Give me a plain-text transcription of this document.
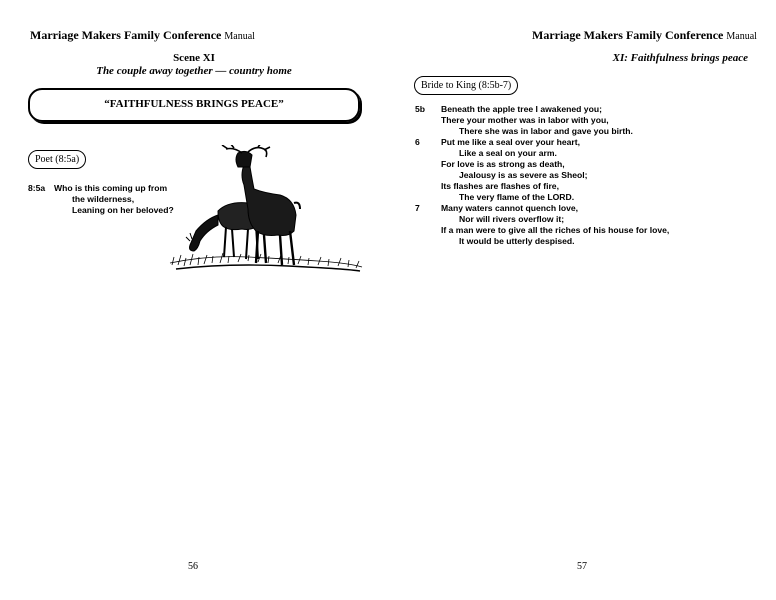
Marriage Makers Family Conference Manual
Scene XI
The couple away together — country home
“FAITHFULNESS BRINGS PEACE”
Poet (8:5a)
8:5a	Who is this coming up from
the wilderness,
Leaning on her beloved?
56
Marriage Makers Family Conference Manual
XI: Faithfulness brings peace
Bride to King (8:5b-7)
5b	Beneath the apple tree I awakened you;
There your mother was in labor with you,
There she was in labor and gave you birth.
6	Put me like a seal over your heart,
Like a seal on your arm.
For love is as strong as death,
Jealousy is as severe as Sheol;
Its flashes are flashes of fire,
The very flame of the LORD.
7	Many waters cannot quench love,
Nor will rivers overflow it;
If a man were to give all the riches of his house for love,
It would be utterly despised.
57
